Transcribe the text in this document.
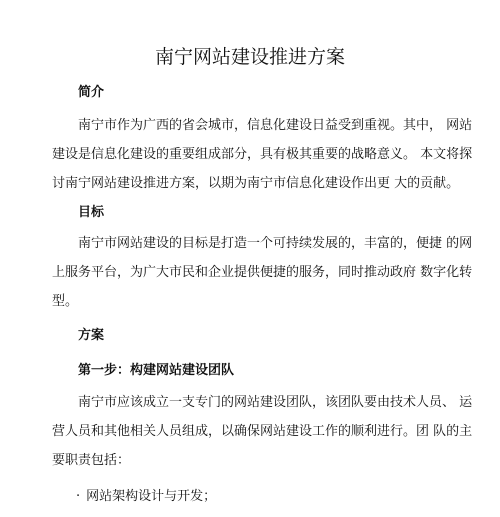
南宁网站建设推进方案
简介
南宁市作为广西的省会城市，信息化建设日益受到重视。其中， 网站
建设是信息化建设的重要组成部分，具有极其重要的战略意义。 本文将探
讨南宁网站建设推进方案，以期为南宁市信息化建设作出更 大的贡献。
目标
南宁市网站建设的目标是打造一个可持续发展的，丰富的，便捷 的网
上服务平台，为广大市民和企业提供便捷的服务，同时推动政府 数字化转
型。
方案
第一步：构建网站建设团队
南宁市应该成立一支专门的网站建设团队，该团队要由技术人员、 运
营人员和其他相关人员组成，以确保网站建设工作的顺利进行。团 队的主
要职责包括：
· 网站架构设计与开发；
